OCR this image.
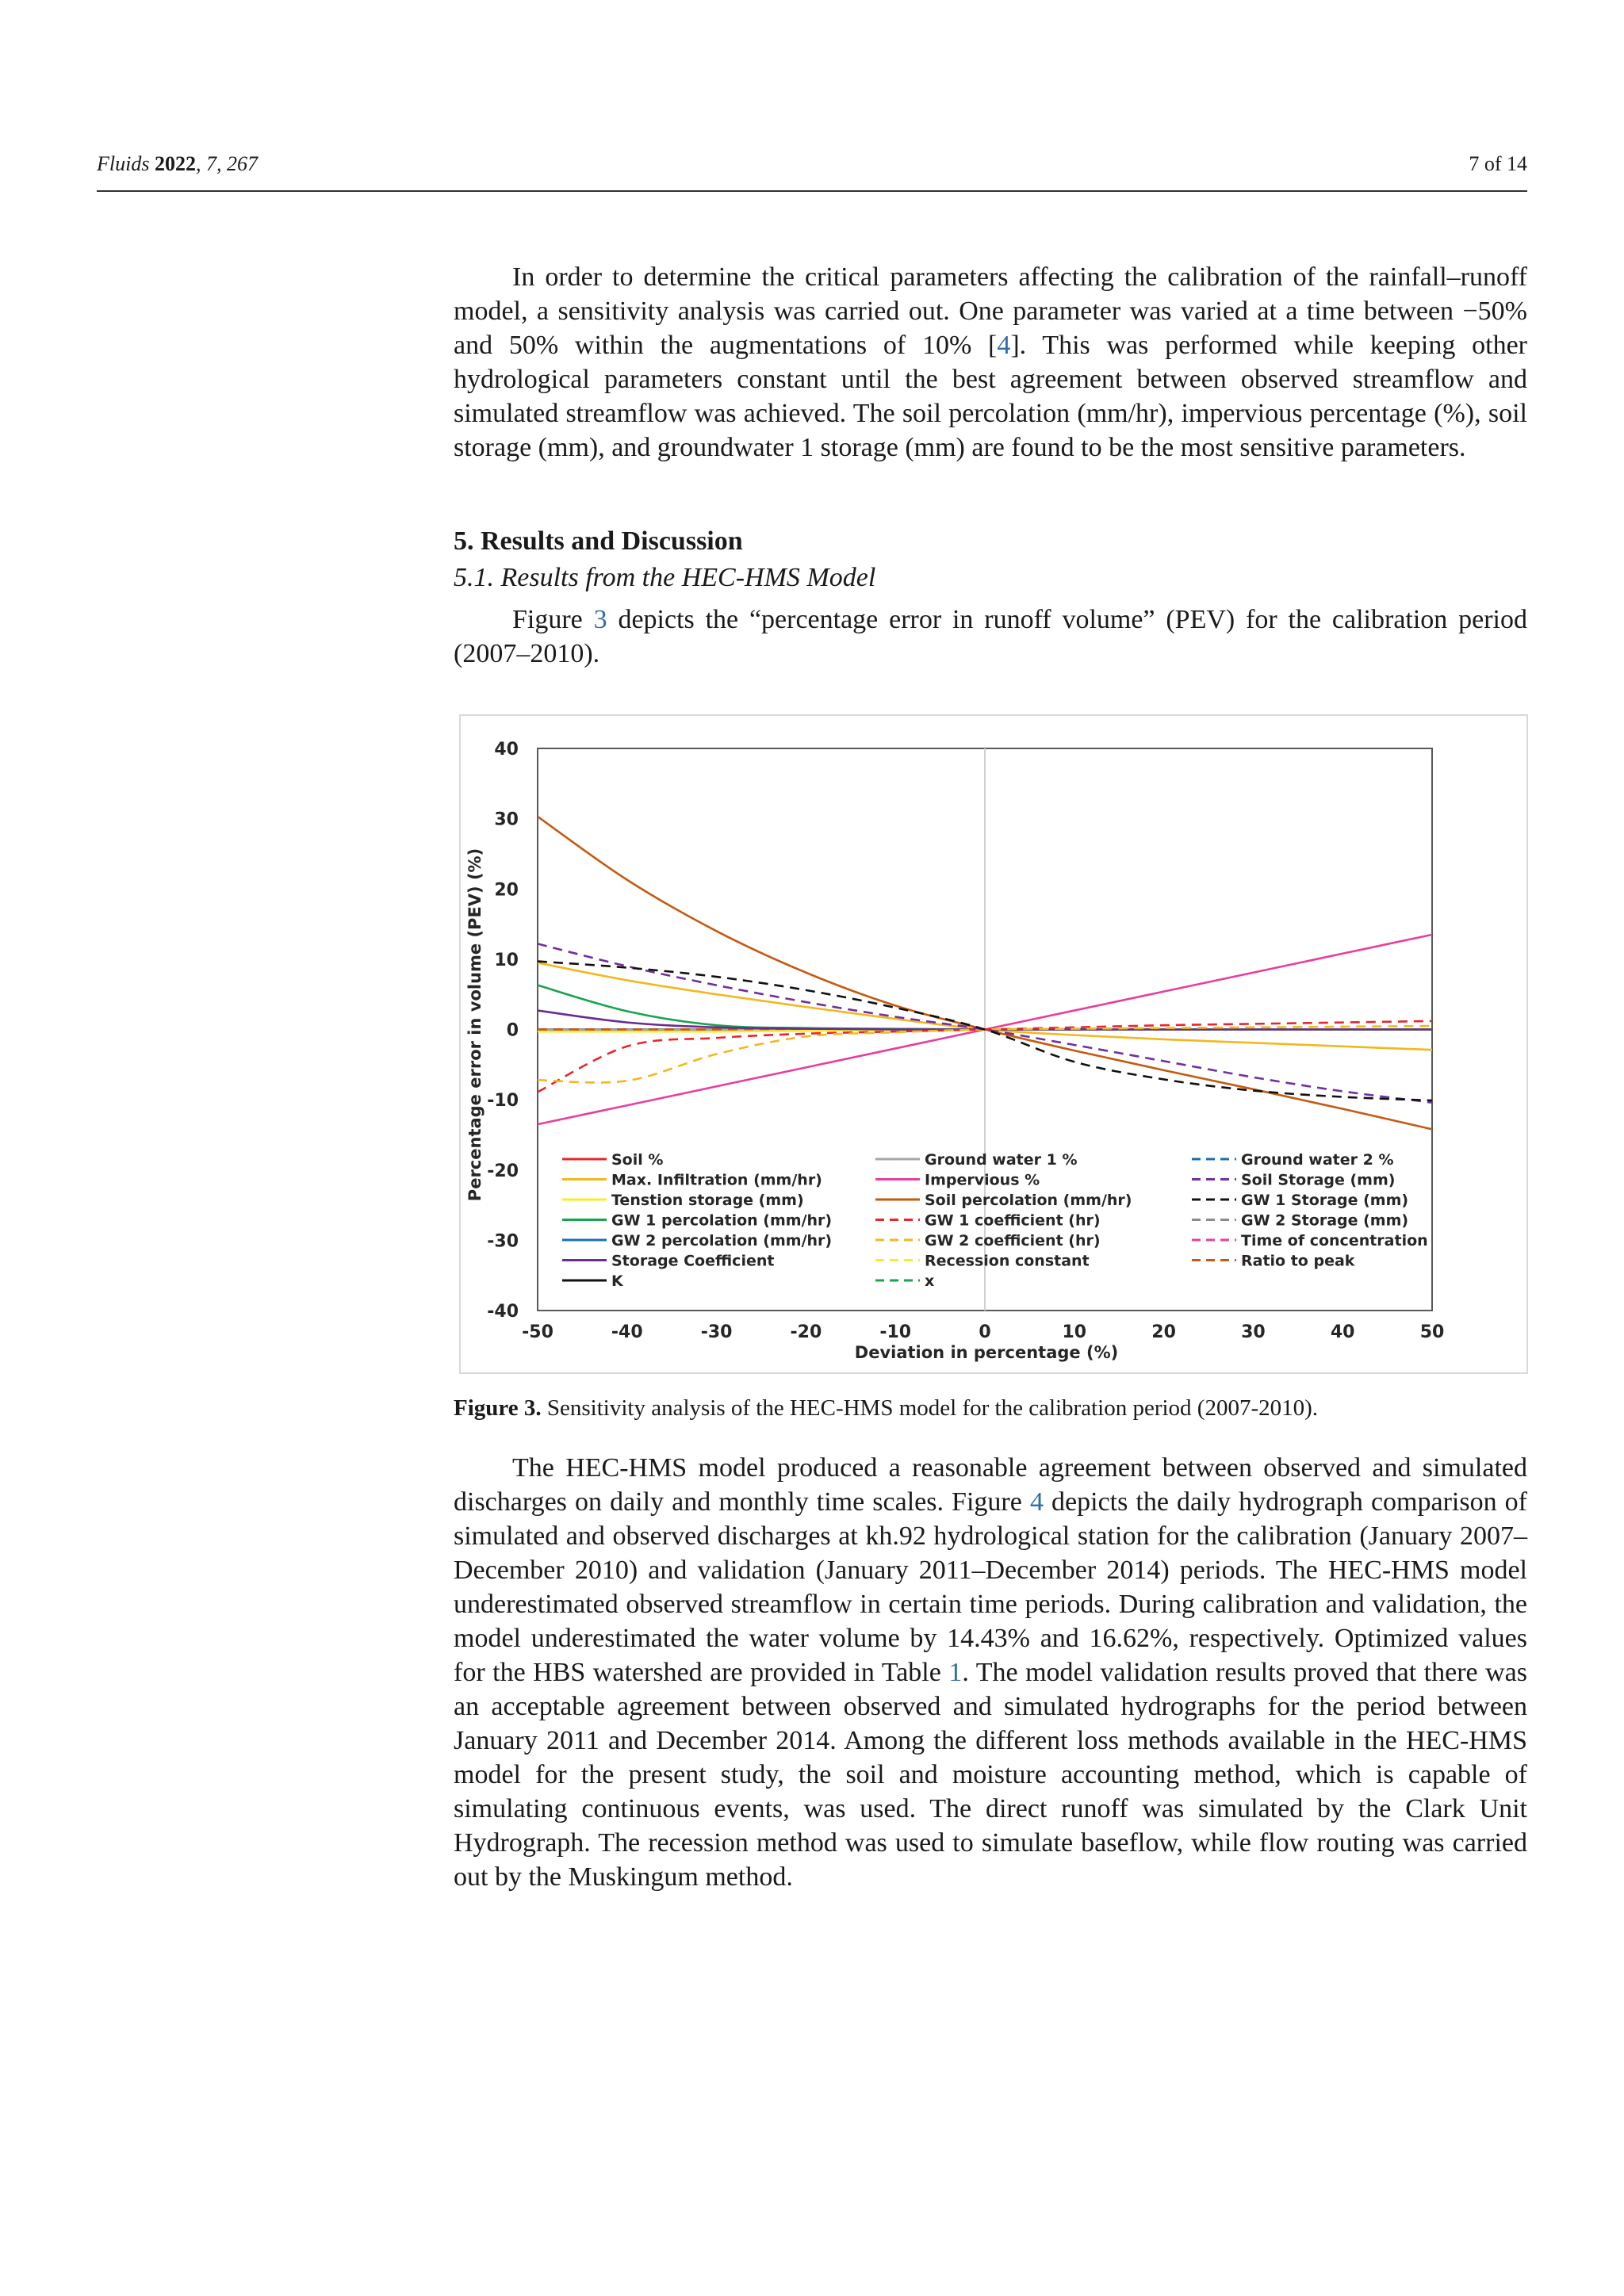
Fluids 2022, 7, 267	7 of 14

In order to determine the critical parameters affecting the calibration of the rainfall–runoff model, a sensitivity analysis was carried out. One parameter was varied at a time between −50% and 50% within the augmentations of 10% [4]. This was performed while keeping other hydrological parameters constant until the best agreement between observed streamflow and simulated streamflow was achieved. The soil percolation (mm/hr), impervious percentage (%), soil storage (mm), and groundwater 1 storage (mm) are found to be the most sensitive parameters.

5. Results and Discussion
5.1. Results from the HEC-HMS Model

Figure 3 depicts the “percentage error in runoff volume” (PEV) for the calibration period (2007–2010).

-40
-30
-20
-10
0
10
20
30
40
-50	-40	-30	-20	-10	0	10	20	30	40	50
Deviation in percentage (%)
Percentage error in volume (PEV) (%)	Soil %
Max. Infiltration (mm/hr)
Tenstion storage (mm)
GW 1 percolation (mm/hr)
GW 2 percolation (mm/hr)
Storage Coefficient
K
Ground water 1 %
Impervious %
Soil percolation (mm/hr)
GW 1 coefficient (hr)
GW 2 coefficient (hr)
Recession constant
x
Ground water 2 %
Soil Storage (mm)
GW 1 Storage (mm)
GW 2 Storage (mm)
Time of concentration
Ratio to peak
Figure 3. Sensitivity analysis of the HEC-HMS model for the calibration period (2007-2010).

The HEC-HMS model produced a reasonable agreement between observed and simulated discharges on daily and monthly time scales. Figure 4 depicts the daily hydrograph comparison of simulated and observed discharges at kh.92 hydrological station for the calibration (January 2007–December 2010) and validation (January 2011–December 2014) periods. The HEC-HMS model underestimated observed streamflow in certain time periods. During calibration and validation, the model underestimated the water volume by 14.43% and 16.62%, respectively. Optimized values for the HBS watershed are provided in Table 1. The model validation results proved that there was an acceptable agreement between observed and simulated hydrographs for the period between January 2011 and December 2014. Among the different loss methods available in the HEC-HMS model for the present study, the soil and moisture accounting method, which is capable of simulating continuous events, was used. The direct runoff was simulated by the Clark Unit Hydrograph. The recession method was used to simulate baseflow, while flow routing was carried out by the Muskingum method.
